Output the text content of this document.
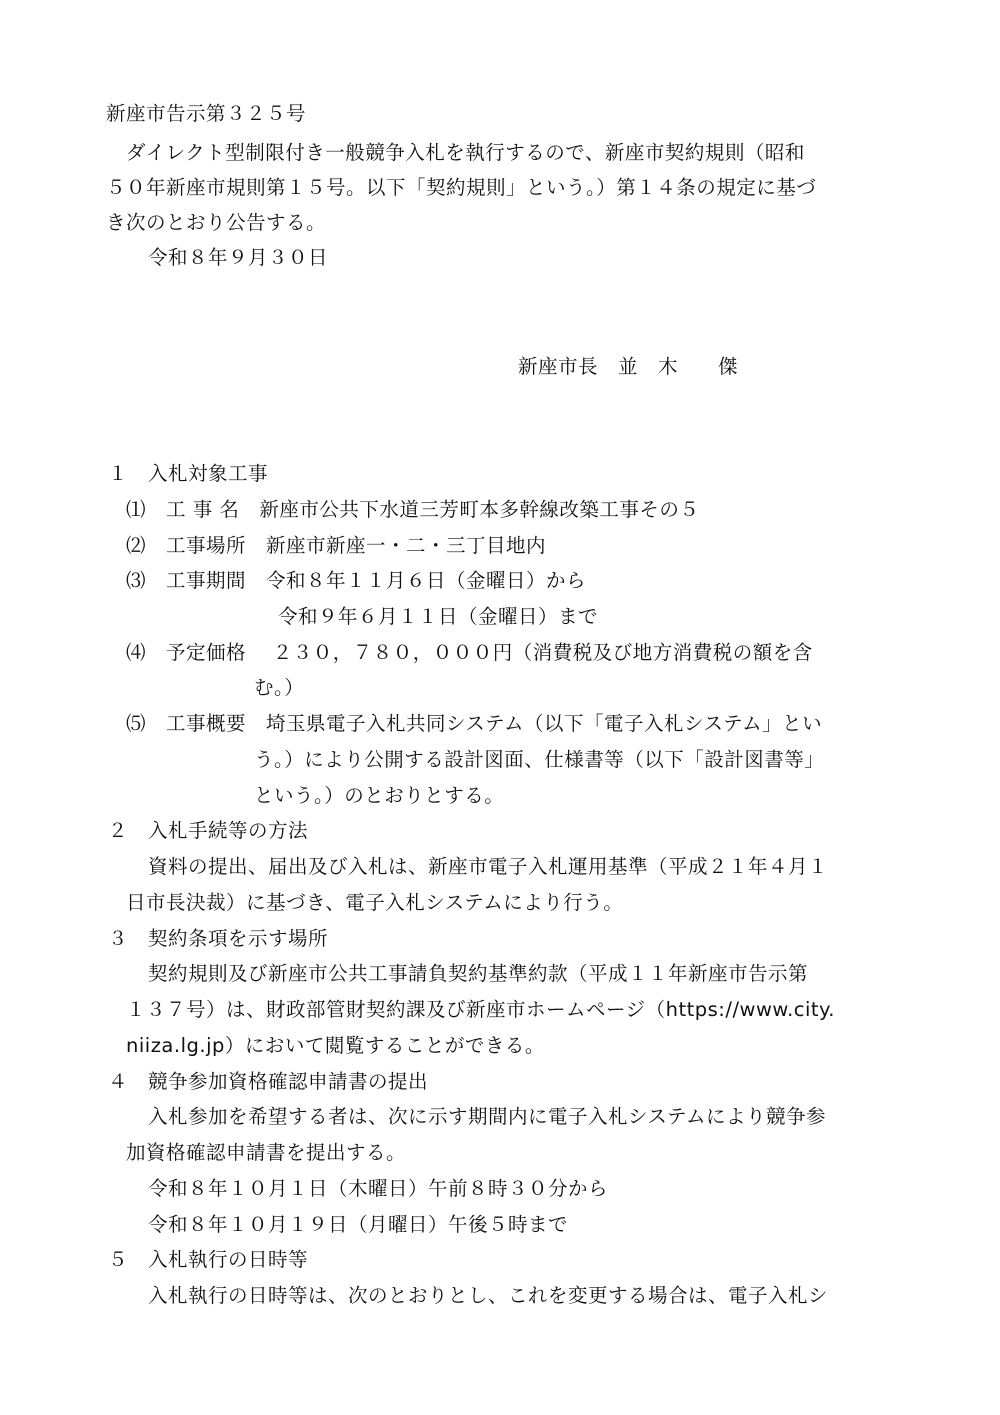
新座市告示第３２５号
ダイレクト型制限付き一般競争入札を執行するので、新座市契約規則（昭和
５０年新座市規則第１５号。以下「契約規則」という。）第１４条の規定に基づ
き次のとおり公告する。
令和８年９月３０日
新座市長　並　木　　傑
１　入札対象工事
⑴　工 事 名　新座市公共下水道三芳町本多幹線改築工事その５
⑵　工事場所　新座市新座一・二・三丁目地内
⑶　工事期間　令和８年１１月６日（金曜日）から
令和９年６月１１日（金曜日）まで
⑷　予定価格　 ２３０，７８０，０００円（消費税及び地方消費税の額を含
む。）
⑸　工事概要　埼玉県電子入札共同システム（以下「電子入札システム」とい
う。）により公開する設計図面、仕様書等（以下「設計図書等」
という。）のとおりとする。
２　入札手続等の方法
資料の提出、届出及び入札は、新座市電子入札運用基準（平成２１年４月１
日市長決裁）に基づき、電子入札システムにより行う。
３　契約条項を示す場所
契約規則及び新座市公共工事請負契約基準約款（平成１１年新座市告示第
１３７号）は、財政部管財契約課及び新座市ホームページ（https://www.city.
niiza.lg.jp）において閲覧することができる。
４　競争参加資格確認申請書の提出
入札参加を希望する者は、次に示す期間内に電子入札システムにより競争参
加資格確認申請書を提出する。
令和８年１０月１日（木曜日）午前８時３０分から
令和８年１０月１９日（月曜日）午後５時まで
５　入札執行の日時等
入札執行の日時等は、次のとおりとし、これを変更する場合は、電子入札シ
